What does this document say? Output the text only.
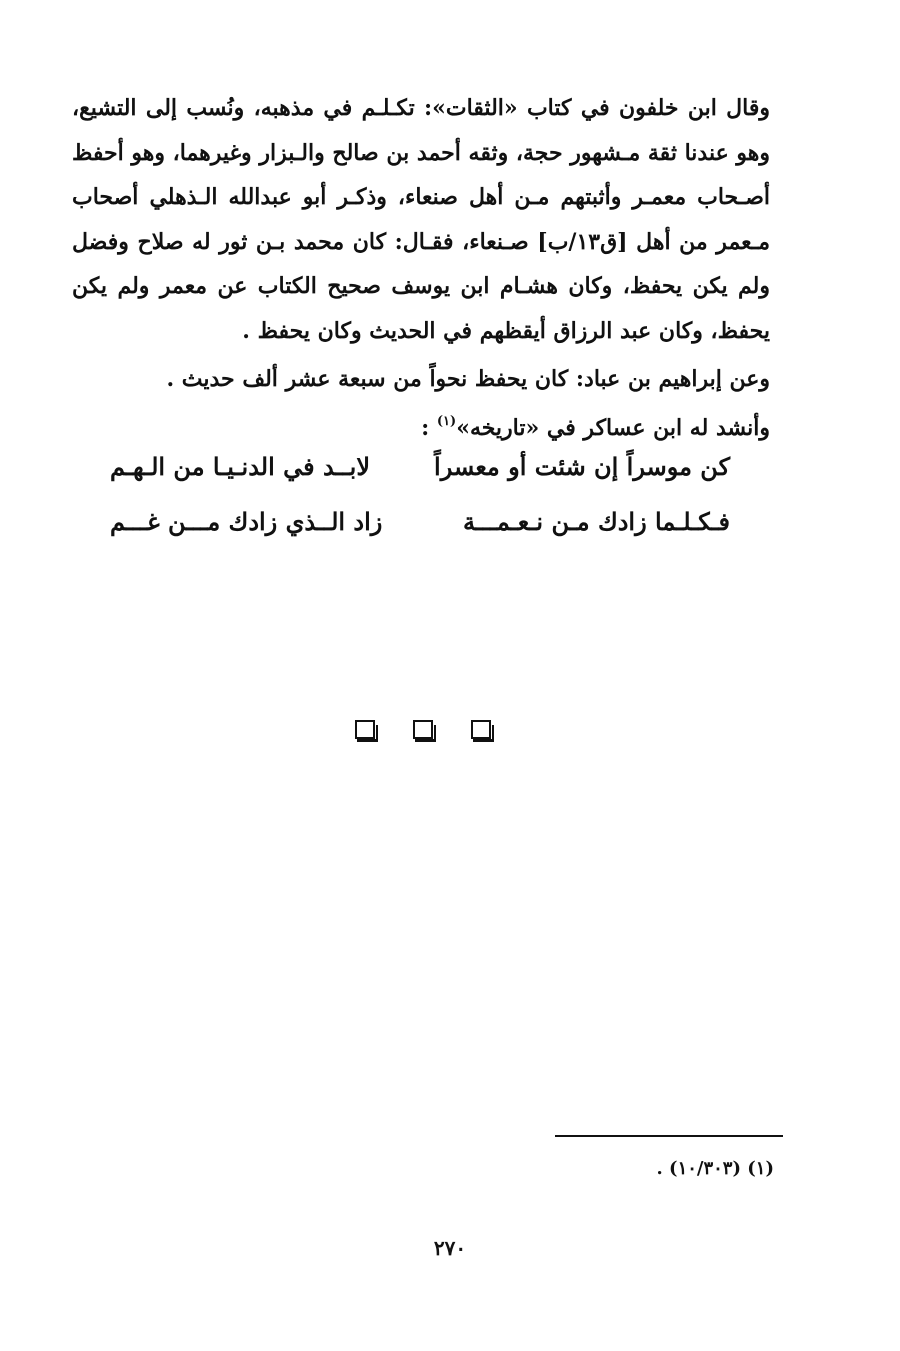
وقال ابن خلفون في كتاب «الثقات»: تكـلـم في مذهبه، ونُسب إلى التشيع، وهو عندنا ثقة مـشهور حجة، وثقه أحمد بن صالح والـبزار وغيرهما، وهو أحفظ أصـحاب معمـر وأثبتهم مـن أهل صنعاء، وذكـر أبو عبدالله الـذهلي أصحاب مـعمر من أهل [ق١٣/ب] صـنعاء، فقـال: كان محمد بـن ثور له صلاح وفضل ولم يكن يحفظ، وكان هشـام ابن يوسف صحيح الكتاب عن معمر ولم يكن يحفظ، وكان عبد الرزاق أيقظهم في الحديث وكان يحفظ .

وعن إبراهيم بن عباد: كان يحفظ نحواً من سبعة عشر ألف حديث .

وأنشد له ابن عساكر في «تاريخه»$^{(١)}$ :

كن موسراً إن شئت أو معسراً
لابــد في الدنـيـا من الـهـم
فـكـلـما زادك مـن نـعـمـــة
زاد الــذي زادك مـــن غـــم
(١) (١٠/٣٠٣) .
٢٧٠
